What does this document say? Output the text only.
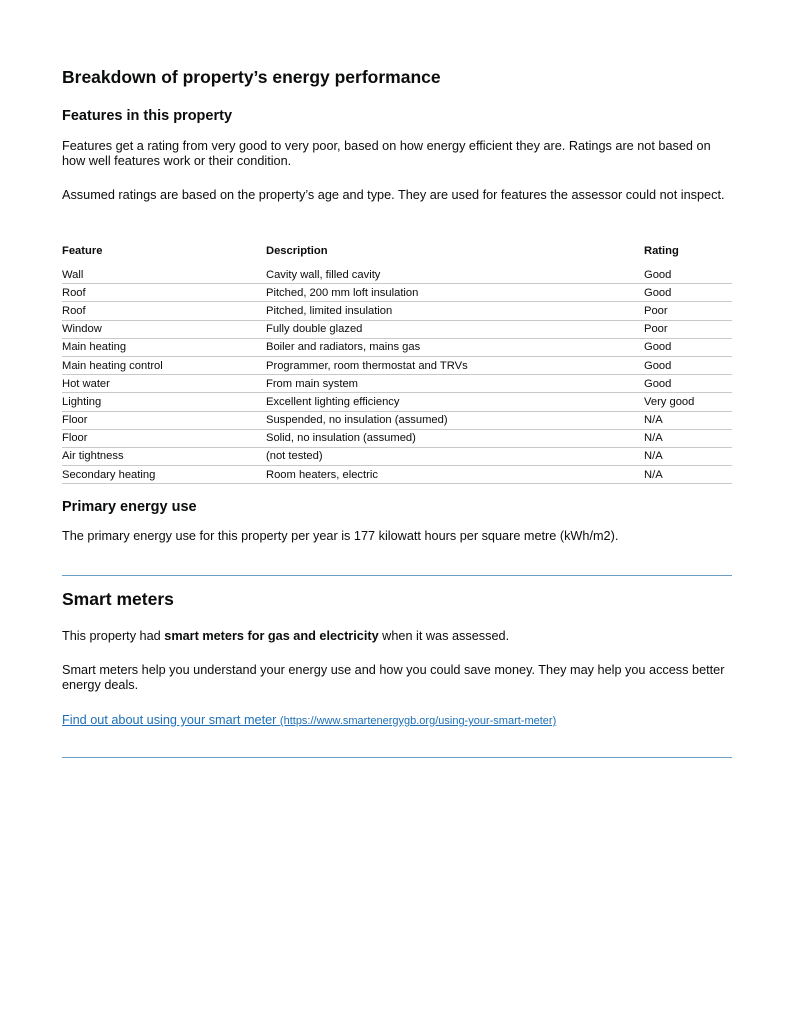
Breakdown of property’s energy performance
Features in this property

Features get a rating from very good to very poor, based on how energy efficient they are. Ratings are not based on how well features work or their condition.

Assumed ratings are based on the property’s age and type. They are used for features the assessor could not inspect.

Feature	Description	Rating
Wall	Cavity wall, filled cavity	Good
Roof	Pitched, 200 mm loft insulation	Good
Roof	Pitched, limited insulation	Poor
Window	Fully double glazed	Poor
Main heating	Boiler and radiators, mains gas	Good
Main heating control	Programmer, room thermostat and TRVs	Good
Hot water	From main system	Good
Lighting	Excellent lighting efficiency	Very good
Floor	Suspended, no insulation (assumed)	N/A
Floor	Solid, no insulation (assumed)	N/A
Air tightness	(not tested)	N/A
Secondary heating	Room heaters, electric	N/A
Primary energy use

The primary energy use for this property per year is 177 kilowatt hours per square metre (kWh/m2).

Smart meters

This property had smart meters for gas and electricity when it was assessed.

Smart meters help you understand your energy use and how you could save money. They may help you access better energy deals.

Find out about using your smart meter (https://www.smartenergygb.org/using-your-smart-meter)
